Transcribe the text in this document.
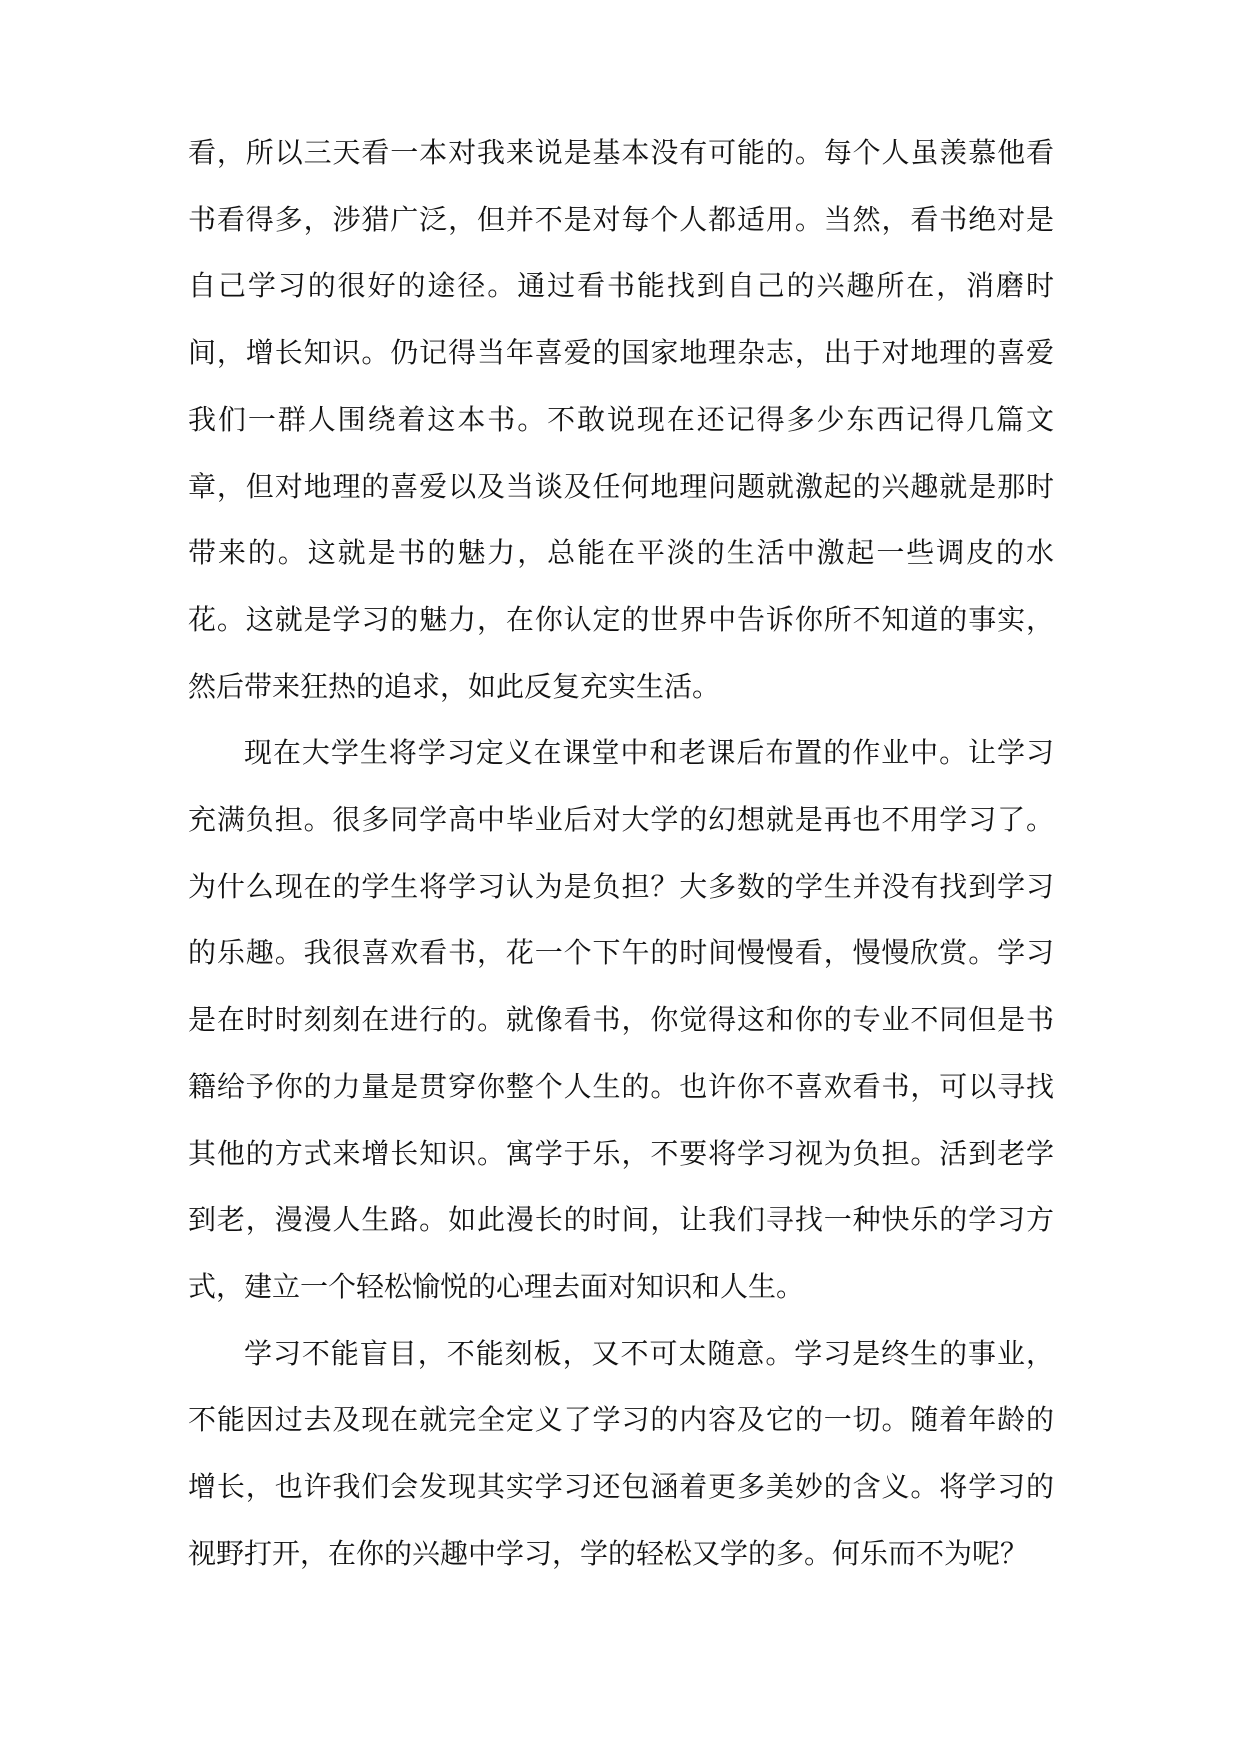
看，所以三天看一本对我来说是基本没有可能的。每个人虽羡慕他看书看得多，涉猎广泛，但并不是对每个人都适用。当然，看书绝对是自己学习的很好的途径。通过看书能找到自己的兴趣所在，消磨时间，增长知识。仍记得当年喜爱的国家地理杂志，出于对地理的喜爱我们一群人围绕着这本书。不敢说现在还记得多少东西记得几篇文章，但对地理的喜爱以及当谈及任何地理问题就激起的兴趣就是那时带来的。这就是书的魅力，总能在平淡的生活中激起一些调皮的水花。这就是学习的魅力，在你认定的世界中告诉你所不知道的事实，然后带来狂热的追求，如此反复充实生活。

现在大学生将学习定义在课堂中和老课后布置的作业中。让学习充满负担。很多同学高中毕业后对大学的幻想就是再也不用学习了。为什么现在的学生将学习认为是负担？大多数的学生并没有找到学习的乐趣。我很喜欢看书，花一个下午的时间慢慢看，慢慢欣赏。学习是在时时刻刻在进行的。就像看书，你觉得这和你的专业不同但是书籍给予你的力量是贯穿你整个人生的。也许你不喜欢看书，可以寻找其他的方式来增长知识。寓学于乐，不要将学习视为负担。活到老学到老，漫漫人生路。如此漫长的时间，让我们寻找一种快乐的学习方式，建立一个轻松愉悦的心理去面对知识和人生。

学习不能盲目，不能刻板，又不可太随意。学习是终生的事业，不能因过去及现在就完全定义了学习的内容及它的一切。随着年龄的增长，也许我们会发现其实学习还包涵着更多美妙的含义。将学习的视野打开，在你的兴趣中学习，学的轻松又学的多。何乐而不为呢？
